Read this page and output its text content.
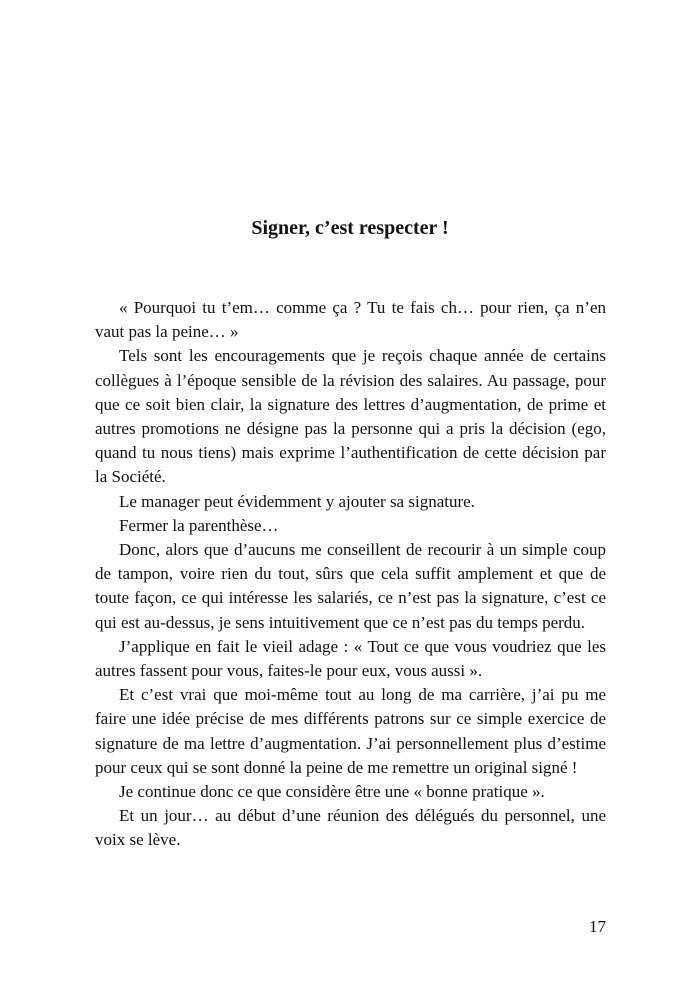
Signer, c’est respecter !

« Pourquoi tu t’em… comme ça ? Tu te fais ch… pour rien, ça n’en vaut pas la peine… »

Tels sont les encouragements que je reçois chaque année de certains collègues à l’époque sensible de la révision des salaires. Au passage, pour que ce soit bien clair, la signature des lettres d’augmentation, de prime et autres promotions ne désigne pas la personne qui a pris la décision (ego, quand tu nous tiens) mais exprime l’authentification de cette décision par la Société.

Le manager peut évidemment y ajouter sa signature.

Fermer la parenthèse…

Donc, alors que d’aucuns me conseillent de recourir à un simple coup de tampon, voire rien du tout, sûrs que cela suffit amplement et que de toute façon, ce qui intéresse les salariés, ce n’est pas la signature, c’est ce qui est au-dessus, je sens intuitivement que ce n’est pas du temps perdu.

J’applique en fait le vieil adage : « Tout ce que vous voudriez que les autres fassent pour vous, faites-le pour eux, vous aussi ».

Et c’est vrai que moi-même tout au long de ma carrière, j’ai pu me faire une idée précise de mes différents patrons sur ce simple exercice de signature de ma lettre d’augmentation. J’ai personnellement plus d’estime pour ceux qui se sont donné la peine de me remettre un original signé !

Je continue donc ce que considère être une « bonne pratique ».

Et un jour… au début d’une réunion des délégués du personnel, une voix se lève.

17
